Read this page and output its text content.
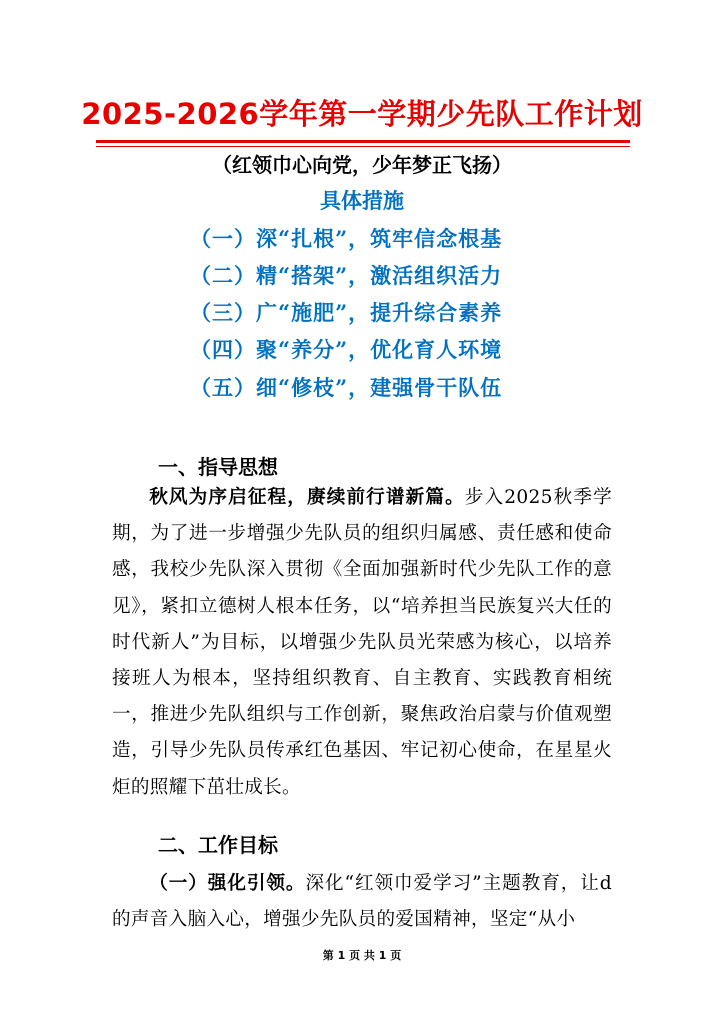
2025-2026学年第一学期少先队工作计划
（红领巾心向党，少年梦正飞扬）
具体措施
（一）深“扎根”，筑牢信念根基
（二）精“搭架”，激活组织活力
（三）广“施肥”，提升综合素养
（四）聚“养分”，优化育人环境
（五）细“修枝”，建强骨干队伍
一、指导思想
秋风为序启征程，赓续前行谱新篇。步入2025秋季学期，为了进一步增强少先队员的组织归属感、责任感和使命感，我校少先队深入贯彻《全面加强新时代少先队工作的意见》，紧扣立德树人根本任务，以“培养担当民族复兴大任的时代新人”为目标，以增强少先队员光荣感为核心，以培养接班人为根本，坚持组织教育、自主教育、实践教育相统一，推进少先队组织与工作创新，聚焦政治启蒙与价值观塑造，引导少先队员传承红色基因、牢记初心使命，在星星火炬的照耀下茁壮成长。
二、工作目标
（一）强化引领。深化“红领巾爱学习”主题教育，让d的声音入脑入心，增强少先队员的爱国精神，坚定“从小
第 1 页 共 1 页
